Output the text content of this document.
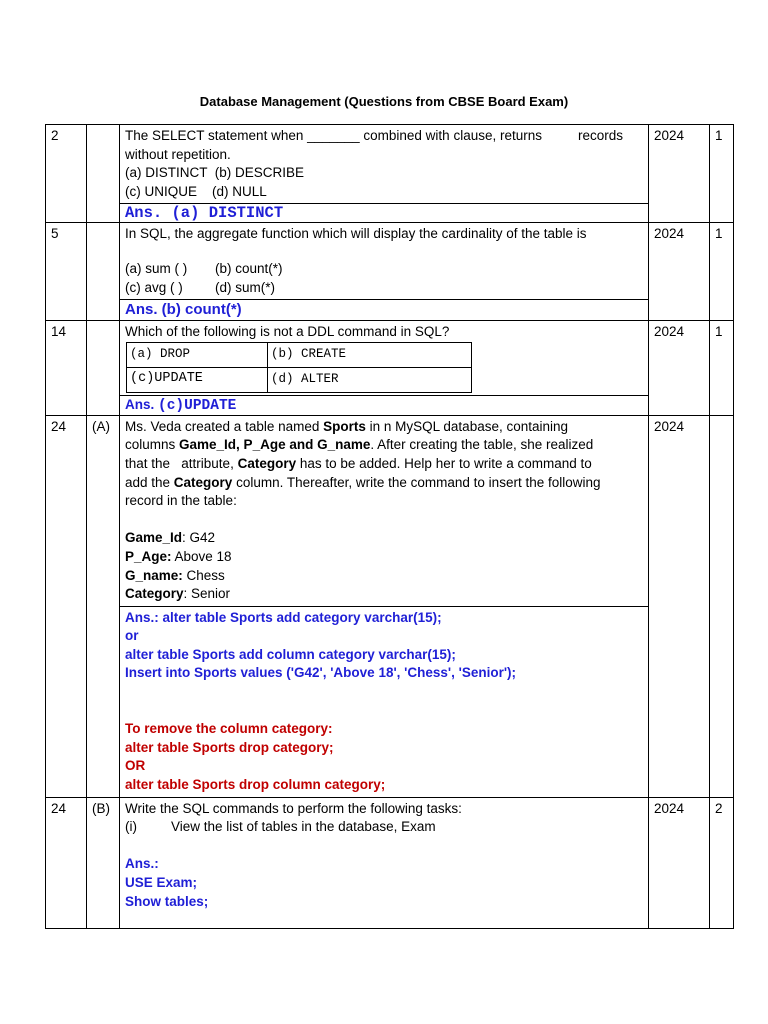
Database Management (Questions from CBSE Board Exam)
2		The SELECT statement when _______ combined with clause, returns	records
without repetition.
(a) DISTINCT  (b) DESCRIBE
(c) UNIQUE    (d) NULL
	2024	1
Ans. (a) DISTINCT
5		In SQL, the aggregate function which will display the cardinality of the table is
________
(a) sum ( ) (b) count(*)
(c) avg ( ) (d) sum(*)
	2024	1
Ans. (b) count(*)
14		Which of the following is not a DDL command in SQL?
(a) DROP	(b) CREATE
(c)UPDATE	(d) ALTER
	2024	1
Ans. (c)UPDATE
24	(A)	Ms. Veda created a table named Sports in n MySQL database, containing
columns Game_Id, P_Age and G_name. After creating the table, she realized
that the   attribute, Category has to be added. Help her to write a command to
add the Category column. Thereafter, write the command to insert the following
record in the table:

Game_Id: G42
P_Age: Above 18
G_name: Chess
Category: Senior
	2024	

Ans.: alter table Sports add category varchar(15);
or
alter table Sports add column category varchar(15);
Insert into Sports values ('G42', 'Above 18', 'Chess', 'Senior');

To remove the column category:
alter table Sports drop category;
OR
alter table Sports drop column category;

24	(B)	Write the SQL commands to perform the following tasks:
(i)	View the list of tables in the database, Exam

Ans.:
USE Exam;
Show tables;
	2024	2
